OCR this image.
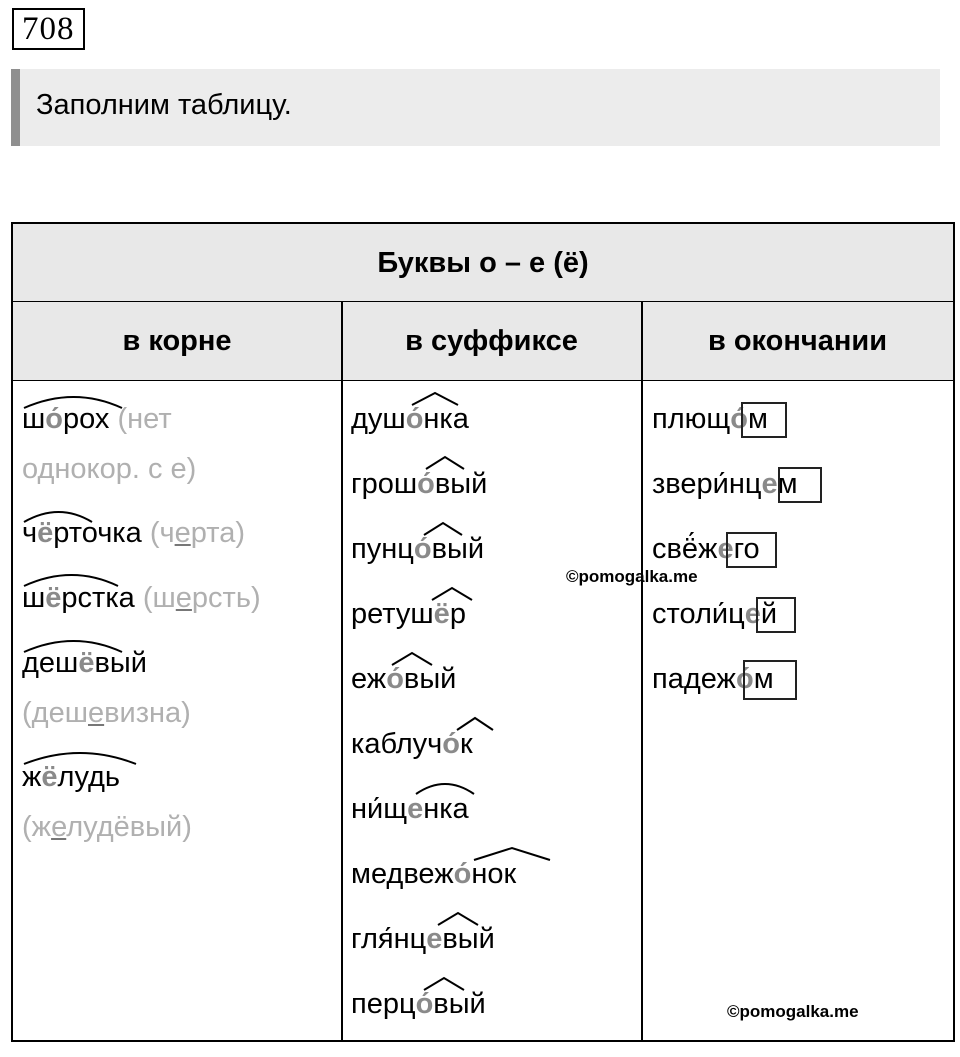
708
Заполним таблицу.
Буквы о – е (ё)
в корне	в суффиксе	в окончании
шо́рох (нет
однокор. с е)
чёрточка (черта)
шёрстка (шерсть)
дешёвый
(дешевизна)
жёлудь
(желудёвый)
душо́нка
грошо́вый
пунцо́вый
ретушёр
ежо́вый
каблучо́к
ни́щенка
медвежо́нок
гля́нцевый
перцо́вый
©pomogalka.me
плющо́м
звери́нцем
свё́жего
столи́цей
падежо́м
©pomogalka.me
